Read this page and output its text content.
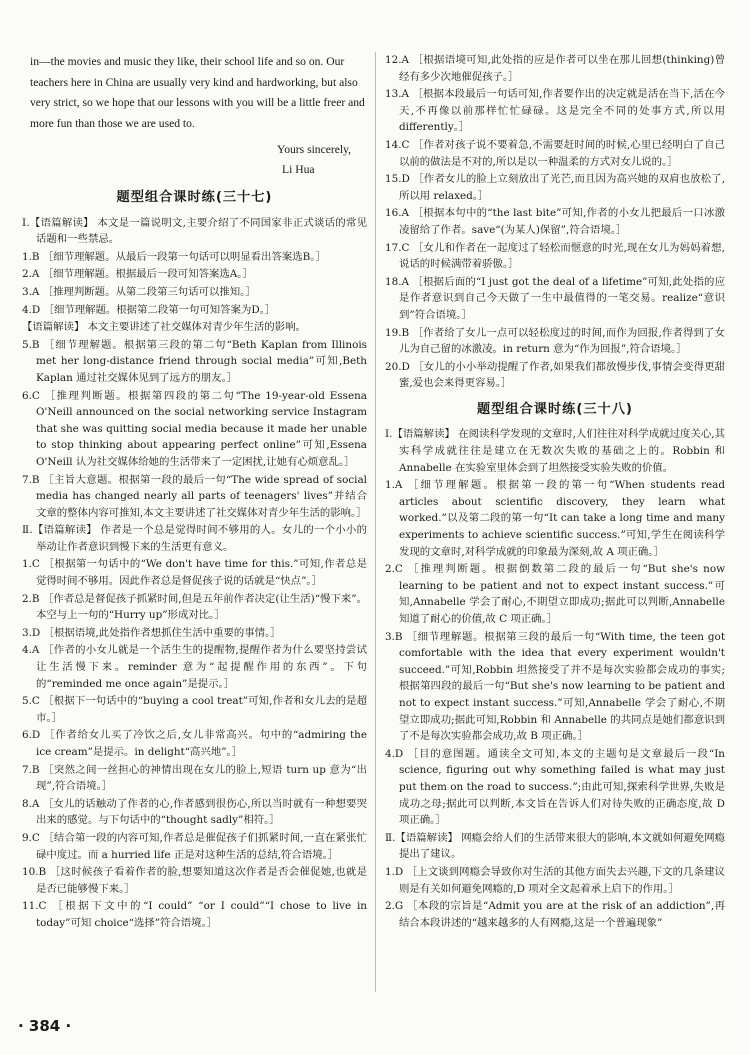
in—the movies and music they like, their school life and so on. Our teachers here in China are usually very kind and hardworking, but also very strict, so we hope that our lessons with you will be a little freer and more fun than those we are used to.

Yours sincerely,

Li Hua

题型组合课时练(三十七)

Ⅰ.【语篇解读】 本文是一篇说明文,主要介绍了不同国家非正式谈话的常见话题和一些禁忌。

1.B ［细节理解题。从最后一段第一句话可以明显看出答案选B。］

2.A ［细节理解题。根据最后一段可知答案选A。］

3.A ［推理判断题。从第二段第三句话可以推知。］

4.D ［细节理解题。根据第二段第一句可知答案为D。］

【语篇解读】 本文主要讲述了社交媒体对青少年生活的影响。

5.B ［细节理解题。根据第三段的第二句“Beth Kaplan from Illinois met her long-distance friend through social media”可知,Beth Kaplan 通过社交媒体见到了远方的朋友。］

6.C ［推理判断题。根据第四段的第二句“The 19-year-old Essena O'Neill announced on the social networking service Instagram that she was quitting social media because it made her unable to stop thinking about appearing perfect online”可知,Essena O'Neill 认为社交媒体给她的生活带来了一定困扰,让她有心烦意乱。］

7.B ［主旨大意题。根据第一段的最后一句“The wide spread of social media has changed nearly all parts of teenagers' lives”并结合文章的整体内容可推知,本文主要讲述了社交媒体对青少年生活的影响。］

Ⅱ.【语篇解读】 作者是一个总是觉得时间不够用的人。女儿的一个小小的举动让作者意识到慢下来的生活更有意义。

1.C ［根据第一句话中的“We don't have time for this.”可知,作者总是觉得时间不够用。因此作者总是督促孩子说的话就是“快点”。］

2.B ［作者总是督促孩子抓紧时间,但是五年前作者决定(让生活)“慢下来”。本空与上一句的“Hurry up”形成对比。］

3.D ［根据语境,此处指作者想抓住生活中重要的事情。］

4.A ［作者的小女儿就是一个活生生的提醒物,提醒作者为什么要坚持尝试让生活慢下来。reminder 意为“起提醒作用的东西”。下句的“reminded me once again”是提示。］

5.C ［根据下一句话中的“buying a cool treat”可知,作者和女儿去的是超市。］

6.D ［作者给女儿买了冷饮之后,女儿非常高兴。句中的“admiring the ice cream”是提示。in delight“高兴地”。］

7.B ［突然之间一丝担心的神情出现在女儿的脸上,短语 turn up 意为“出现”,符合语境。］

8.A ［女儿的话触动了作者的心,作者感到很伤心,所以当时就有一种想要哭出来的感觉。与下句话中的“thought sadly”相符。］

9.C ［结合第一段的内容可知,作者总是催促孩子们抓紧时间,一直在紧张忙碌中度过。而 a hurried life 正是对这种生活的总结,符合语境。］

10.B ［这时候孩子看着作者的脸,想要知道这次作者是否会催促她,也就是是否已能够慢下来。］

11.C ［根据下文中的“I could” “or I could”“I chose to live in today”可知 choice“选择”符合语境。］

12.A ［根据语境可知,此处指的应是作者可以坐在那儿回想(thinking)曾经有多少次地催促孩子。］

13.A ［根据本段最后一句话可知,作者要作出的决定就是活在当下,活在今天,不再像以前那样忙忙碌碌。这是完全不同的处事方式,所以用 differently。］

14.C ［作者对孩子说不要着急,不需要赶时间的时候,心里已经明白了自己以前的做法是不对的,所以是以一种温柔的方式对女儿说的。］

15.D ［作者女儿的脸上立刻放出了光芒,而且因为高兴她的双肩也放松了,所以用 relaxed。］

16.A ［根据本句中的“the last bite”可知,作者的小女儿把最后一口冰激凌留给了作者。save“(为某人)保留”,符合语境。］

17.C ［女儿和作者在一起度过了轻松而惬意的时光,现在女儿为妈妈着想,说话的时候满带着骄傲。］

18.A ［根据后面的“I just got the deal of a lifetime”可知,此处指的应是作者意识到自己今天做了一生中最值得的一笔交易。realize“意识到”符合语境。］

19.B ［作者给了女儿一点可以轻松度过的时间,而作为回报,作者得到了女儿为自己留的冰激凌。in return 意为“作为回报”,符合语境。］

20.D ［女儿的小小举动提醒了作者,如果我们都放慢步伐,事情会变得更甜蜜,爱也会来得更容易。］

题型组合课时练(三十八)

Ⅰ.【语篇解读】 在阅读科学发现的文章时,人们往往对科学成就过度关心,其实科学成就往往是建立在无数次失败的基础之上的。Robbin 和 Annabelle 在实验室里体会到了坦然接受实验失败的价值。

1.A ［细节理解题。根据第一段的第一句“When students read articles about scientific discovery, they learn what worked.”以及第二段的第一句“It can take a long time and many experiments to achieve scientific success.”可知,学生在阅读科学发现的文章时,对科学成就的印象最为深刻,故 A 项正确。］

2.C ［推理判断题。根据倒数第二段的最后一句“But she's now learning to be patient and not to expect instant success.”可知,Annabelle 学会了耐心,不期望立即成功;据此可以判断,Annabelle 知道了耐心的价值,故 C 项正确。］

3.B ［细节理解题。根据第三段的最后一句“With time, the teen got comfortable with the idea that every experiment wouldn't succeed.”可知,Robbin 坦然接受了并不是每次实验都会成功的事实;根据第四段的最后一句“But she's now learning to be patient and not to expect instant success.”可知,Annabelle 学会了耐心,不期望立即成功;据此可知,Robbin 和 Annabelle 的共同点是她们都意识到了不是每次实验都会成功,故 B 项正确。］

4.D ［目的意图题。通读全文可知,本文的主题句是文章最后一段“In science, figuring out why something failed is what may just put them on the road to success.”;由此可知,探索科学世界,失败是成功之母;据此可以判断,本文旨在告诉人们对待失败的正确态度,故 D 项正确。］

Ⅱ.【语篇解读】 网瘾会给人们的生活带来很大的影响,本文就如何避免网瘾提出了建议。

1.D ［上文谈到网瘾会导致你对生活的其他方面失去兴趣,下文的几条建议则是有关如何避免网瘾的,D 项对全文起着承上启下的作用。］

2.G ［本段的宗旨是“Admit you are at the risk of an addiction”,再结合本段讲述的“越来越多的人有网瘾,这是一个普遍现象”

· 384 ·
